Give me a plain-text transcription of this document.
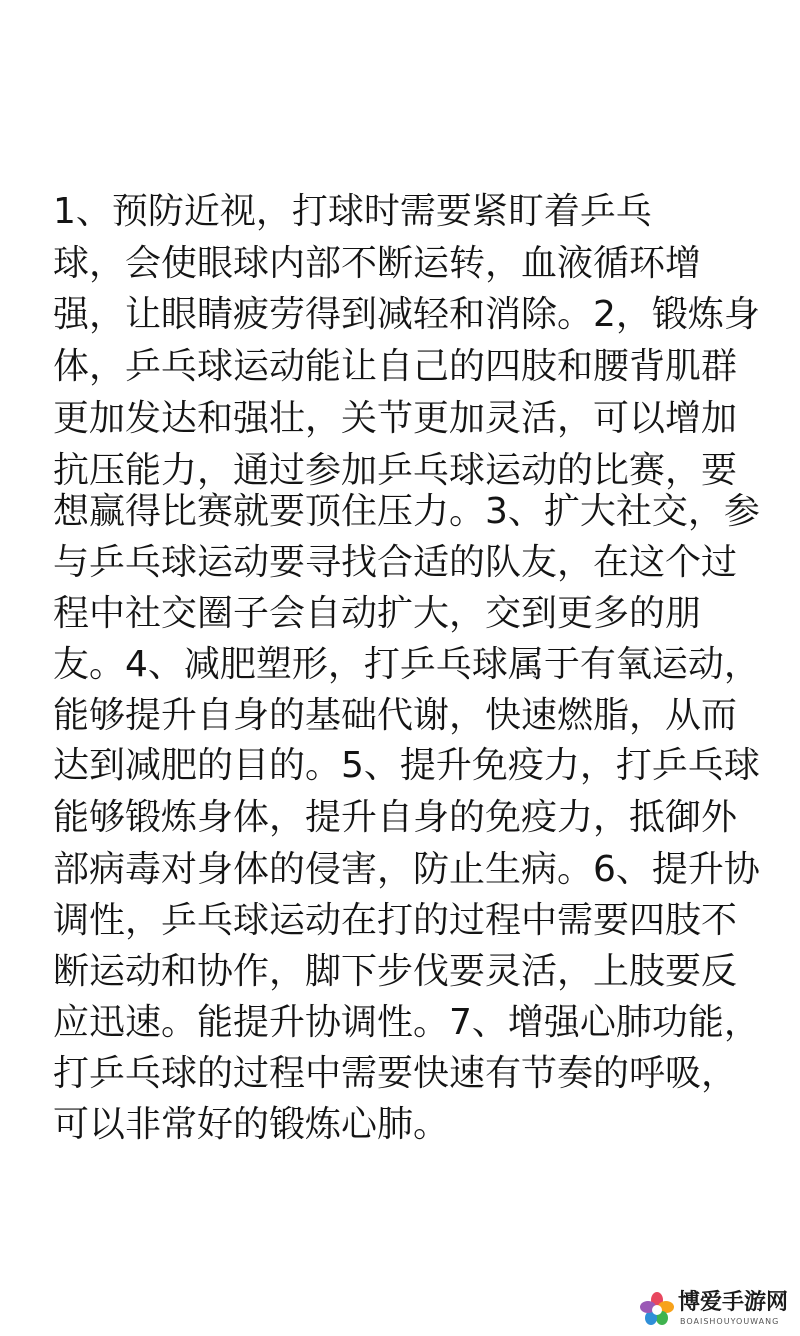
1、预防近视，打球时需要紧盯着乒乓
球，会使眼球内部不断运转，血液循环增
强，让眼睛疲劳得到减轻和消除。2，锻炼身
体，乒乓球运动能让自己的四肢和腰背肌群
更加发达和强壮，关节更加灵活，可以增加
抗压能力，通过参加乒乓球运动的比赛，要
想赢得比赛就要顶住压力。3、扩大社交，参
与乒乓球运动要寻找合适的队友，在这个过
程中社交圈子会自动扩大，交到更多的朋
友。4、减肥塑形，打乒乓球属于有氧运动，
能够提升自身的基础代谢，快速燃脂，从而
达到减肥的目的。5、提升免疫力，打乒乓球
能够锻炼身体，提升自身的免疫力，抵御外
部病毒对身体的侵害，防止生病。6、提升协
调性，乒乓球运动在打的过程中需要四肢不
断运动和协作，脚下步伐要灵活，上肢要反
应迅速。能提升协调性。7、增强心肺功能，
打乒乓球的过程中需要快速有节奏的呼吸，
可以非常好的锻炼心肺。
博爱手游网
BOAISHOUYOUWANG
